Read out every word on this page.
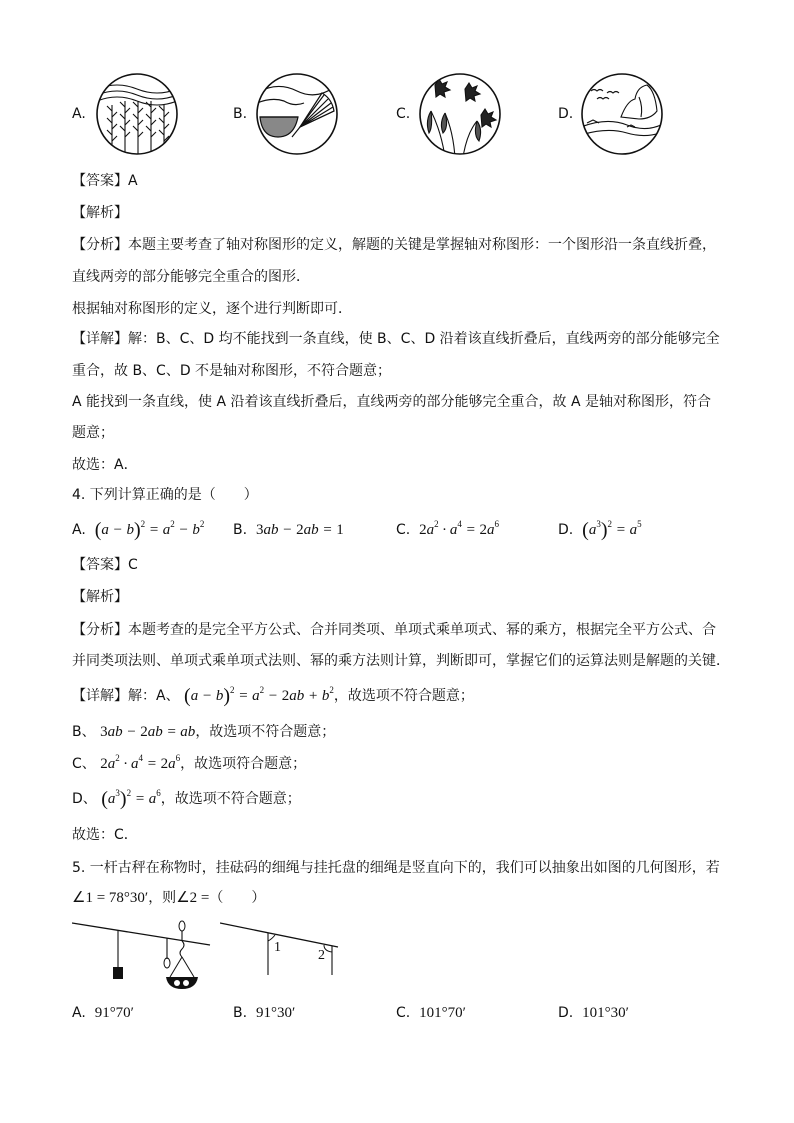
A.	B.	C.	D.
【答案】A
【解析】
【分析】本题主要考查了轴对称图形的定义，解题的关键是掌握轴对称图形：一个图形沿一条直线折叠，
直线两旁的部分能够完全重合的图形．
根据轴对称图形的定义，逐个进行判断即可．
【详解】解：B、C、D 均不能找到一条直线，使 B、C、D 沿着该直线折叠后，直线两旁的部分能够完全
重合，故 B、C、D 不是轴对称图形，不符合题意；
A 能找到一条直线，使 A 沿着该直线折叠后，直线两旁的部分能够完全重合，故 A 是轴对称图形，符合
题意；
故选：A．
4. 下列计算正确的是（　　）
A. $(a - b)^2 = a^2 - b^2$ B. 3ab − 2ab = 1	C. $2a^2 \cdot a^4 = 2a^6$	D. $(a^3)^2 = a^5$
【答案】C
【解析】
【分析】本题考查的是完全平方公式、合并同类项、单项式乘单项式、幂的乘方，根据完全平方公式、合
并同类项法则、单项式乘单项式法则、幂的乘方法则计算，判断即可，掌握它们的运算法则是解题的关键．
【详解】解：A、 $(a - b)^2 = a^2 - 2ab + b^2$，故选项不符合题意；
B、 3ab − 2ab = ab，故选项不符合题意；
C、 $2a^2 \cdot a^4 = 2a^6$，故选项符合题意；
D、 $(a^3)^2 = a^6$，故选项不符合题意；
故选：C．
5. 一杆古秤在称物时，挂砝码的细绳与挂托盘的细绳是竖直向下的，我们可以抽象出如图的几何图形，若
∠1 = 78°30′，则∠2 =（　　）
1
2
A. 91°70′	B. 91°30′	C. 101°70′	D. 101°30′
